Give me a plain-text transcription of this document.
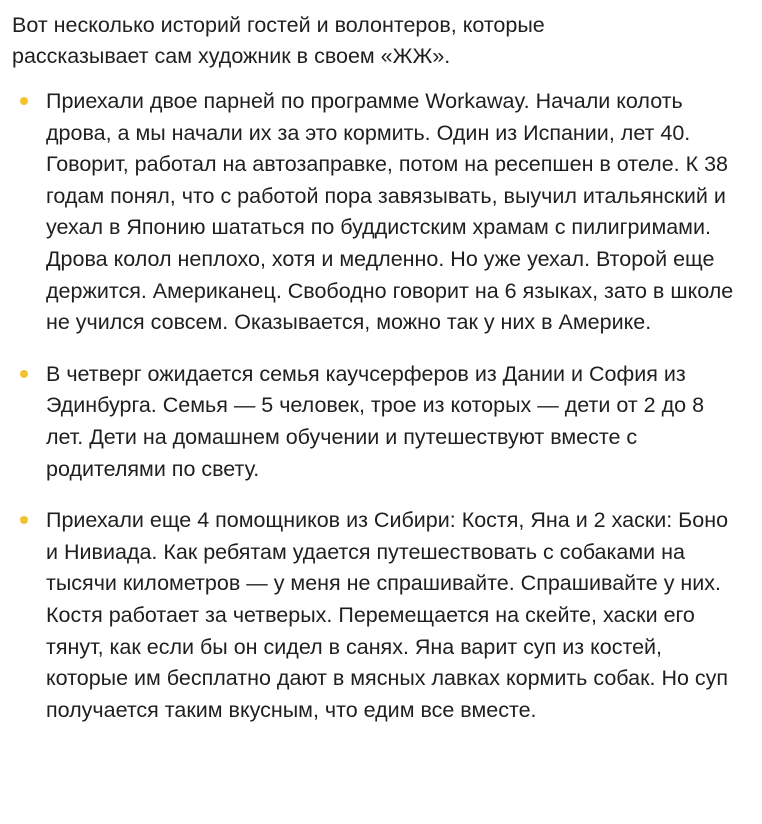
Вот несколько историй гостей и волонтеров, которые рассказывает сам художник в своем «ЖЖ».

Приехали двое парней по программе Workaway. Начали колоть дрова, а мы начали их за это кормить. Один из Испании, лет 40. Говорит, работал на автозаправке, потом на ресепшен в отеле. К 38 годам понял, что с работой пора завязывать, выучил итальянский и уехал в Японию шататься по буддистским храмам с пилигримами. Дрова колол неплохо, хотя и медленно. Но уже уехал. Второй еще держится. Американец. Свободно говорит на 6 языках, зато в школе не учился совсем. Оказывается, можно так у них в Америке.
В четверг ожидается семья каучсерферов из Дании и София из Эдинбурга. Семья — 5 человек, трое из которых — дети от 2 до 8 лет. Дети на домашнем обучении и путешествуют вместе с родителями по свету.
Приехали еще 4 помощников из Сибири: Костя, Яна и 2 хаски: Боно и Нивиада. Как ребятам удается путешествовать с собаками на тысячи километров — у меня не спрашивайте. Спрашивайте у них. Костя работает за четверых. Перемещается на скейте, хаски его тянут, как если бы он сидел в санях. Яна варит суп из костей, которые им бесплатно дают в мясных лавках кормить собак. Но суп получается таким вкусным, что едим все вместе.
